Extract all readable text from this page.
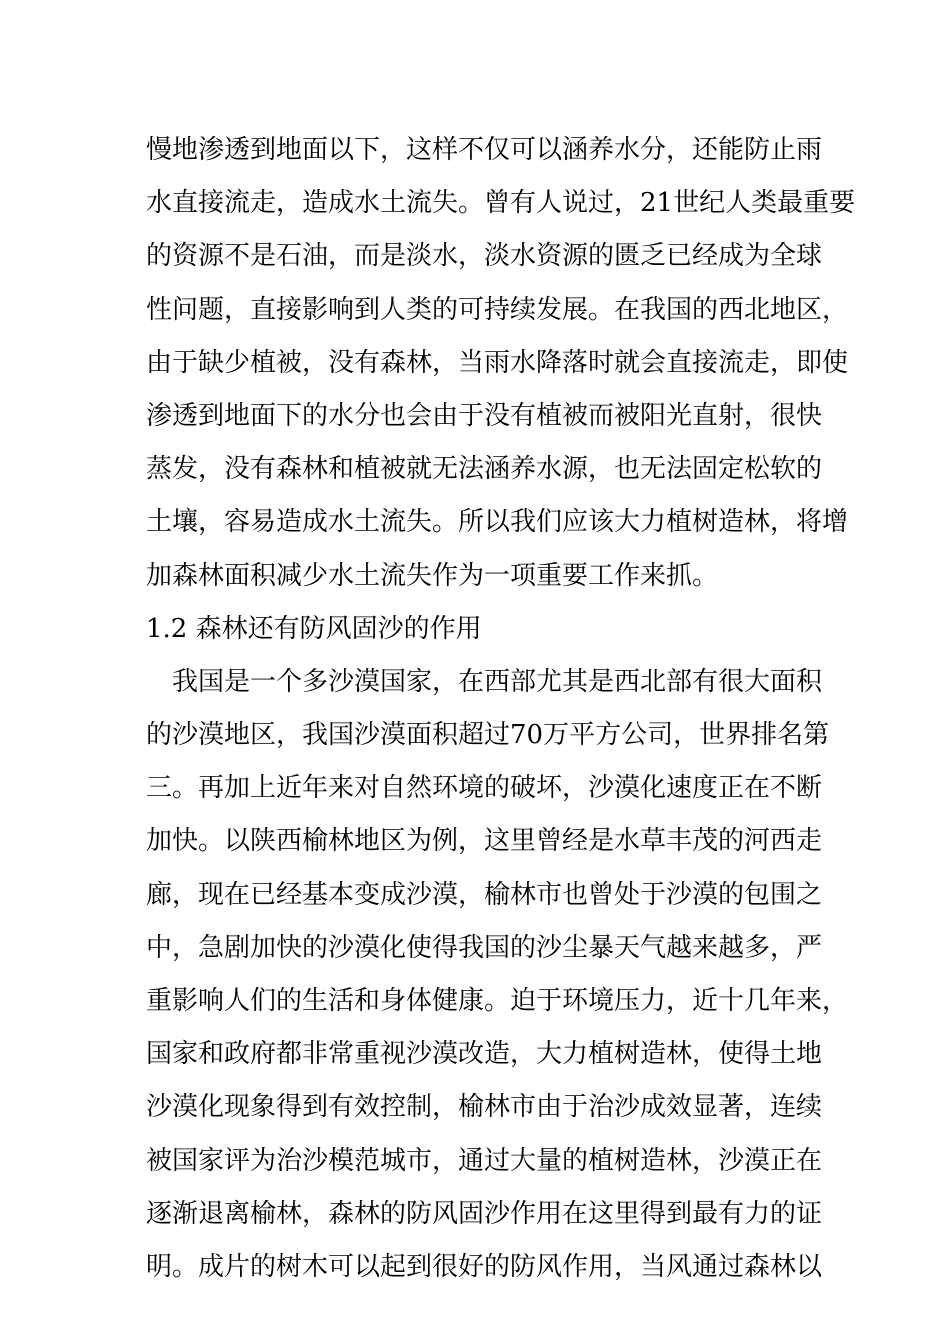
慢地渗透到地面以下，这样不仅可以涵养水分，还能防止雨
水直接流走，造成水土流失。曾有人说过，21世纪人类最重要
的资源不是石油，而是淡水，淡水资源的匮乏已经成为全球
性问题，直接影响到人类的可持续发展。在我国的西北地区，
由于缺少植被，没有森林，当雨水降落时就会直接流走，即使
渗透到地面下的水分也会由于没有植被而被阳光直射，很快
蒸发，没有森林和植被就无法涵养水源，也无法固定松软的
土壤，容易造成水土流失。所以我们应该大力植树造林，将增
加森林面积减少水土流失作为一项重要工作来抓。
1.2 森林还有防风固沙的作用
我国是一个多沙漠国家，在西部尤其是西北部有很大面积
的沙漠地区，我国沙漠面积超过70万平方公司，世界排名第
三。再加上近年来对自然环境的破坏，沙漠化速度正在不断
加快。以陕西榆林地区为例，这里曾经是水草丰茂的河西走
廊，现在已经基本变成沙漠，榆林市也曾处于沙漠的包围之
中，急剧加快的沙漠化使得我国的沙尘暴天气越来越多，严
重影响人们的生活和身体健康。迫于环境压力，近十几年来，
国家和政府都非常重视沙漠改造，大力植树造林，使得土地
沙漠化现象得到有效控制，榆林市由于治沙成效显著，连续
被国家评为治沙模范城市，通过大量的植树造林，沙漠正在
逐渐退离榆林，森林的防风固沙作用在这里得到最有力的证
明。成片的树木可以起到很好的防风作用，当风通过森林以
